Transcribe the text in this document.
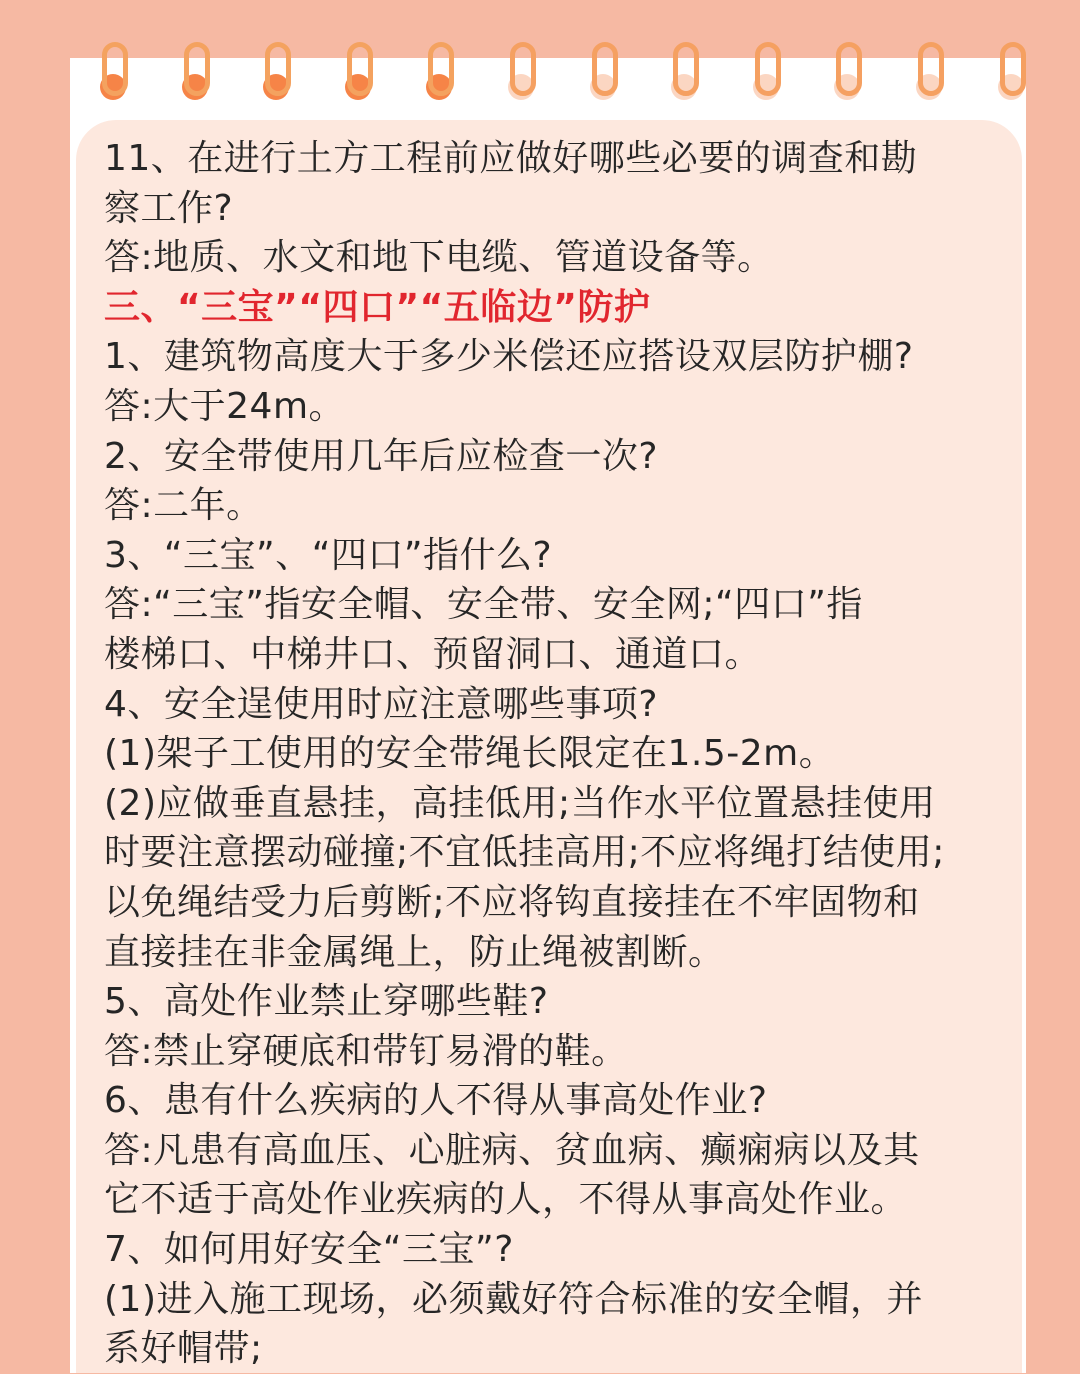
11、在进行土方工程前应做好哪些必要的调查和勘
察工作?
答:地质、水文和地下电缆、管道设备等。
三、“三宝”“四口”“五临边”防护
1、建筑物高度大于多少米偿还应搭设双层防护棚?
答:大于24m。
2、安全带使用几年后应检查一次?
答:二年。
3、“三宝”、“四口”指什么?
答:“三宝”指安全帽、安全带、安全网;“四口”指
楼梯口、中梯井口、预留洞口、通道口。
4、安全逞使用时应注意哪些事项?
(1)架子工使用的安全带绳长限定在1.5-2m。
(2)应做垂直悬挂，高挂低用;当作水平位置悬挂使用
时要注意摆动碰撞;不宜低挂高用;不应将绳打结使用;
以免绳结受力后剪断;不应将钩直接挂在不牢固物和
直接挂在非金属绳上，防止绳被割断。
5、高处作业禁止穿哪些鞋?
答:禁止穿硬底和带钉易滑的鞋。
6、患有什么疾病的人不得从事高处作业?
答:凡患有高血压、心脏病、贫血病、癫痫病以及其
它不适于高处作业疾病的人，不得从事高处作业。
7、如何用好安全“三宝”?
(1)进入施工现场，必须戴好符合标准的安全帽，并
系好帽带;
